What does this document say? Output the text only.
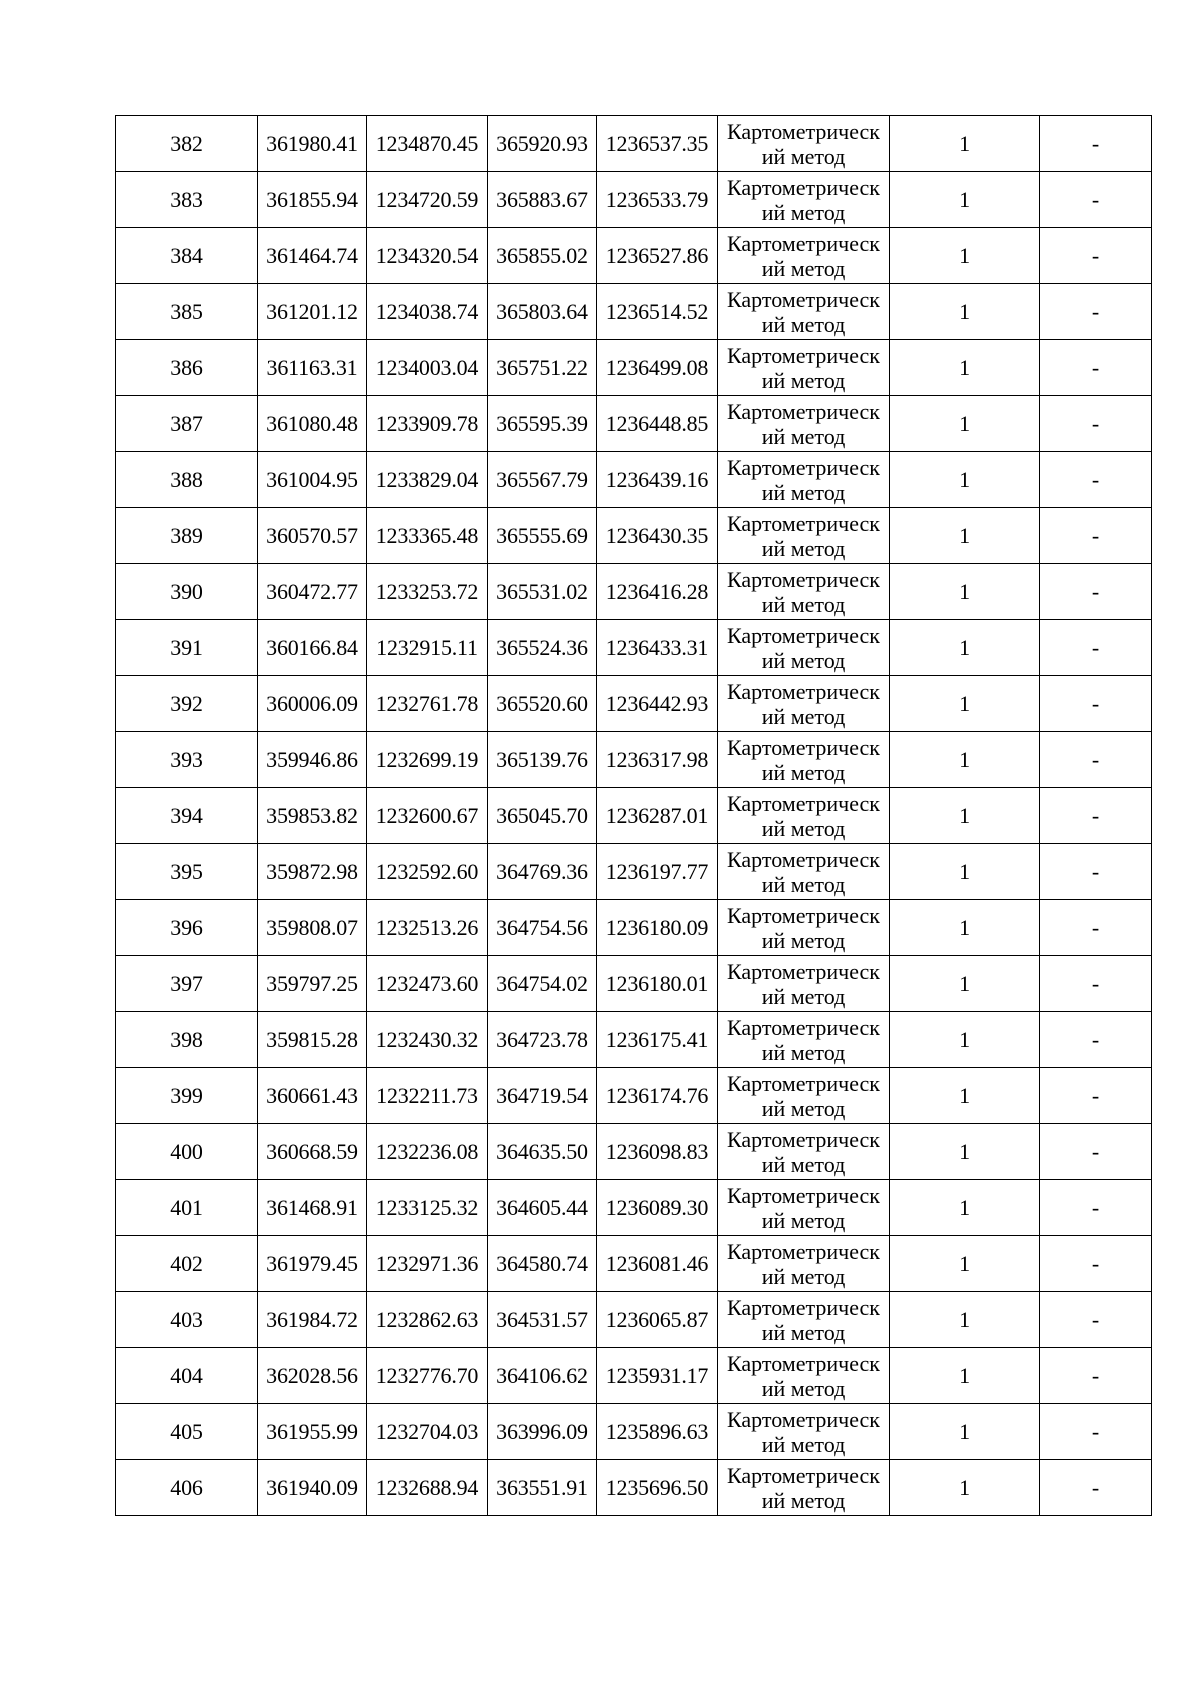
382	361980.41	1234870.45	365920.93	1236537.35	Картометрическ
ий метод	1	-
383	361855.94	1234720.59	365883.67	1236533.79	Картометрическ
ий метод	1	-
384	361464.74	1234320.54	365855.02	1236527.86	Картометрическ
ий метод	1	-
385	361201.12	1234038.74	365803.64	1236514.52	Картометрическ
ий метод	1	-
386	361163.31	1234003.04	365751.22	1236499.08	Картометрическ
ий метод	1	-
387	361080.48	1233909.78	365595.39	1236448.85	Картометрическ
ий метод	1	-
388	361004.95	1233829.04	365567.79	1236439.16	Картометрическ
ий метод	1	-
389	360570.57	1233365.48	365555.69	1236430.35	Картометрическ
ий метод	1	-
390	360472.77	1233253.72	365531.02	1236416.28	Картометрическ
ий метод	1	-
391	360166.84	1232915.11	365524.36	1236433.31	Картометрическ
ий метод	1	-
392	360006.09	1232761.78	365520.60	1236442.93	Картометрическ
ий метод	1	-
393	359946.86	1232699.19	365139.76	1236317.98	Картометрическ
ий метод	1	-
394	359853.82	1232600.67	365045.70	1236287.01	Картометрическ
ий метод	1	-
395	359872.98	1232592.60	364769.36	1236197.77	Картометрическ
ий метод	1	-
396	359808.07	1232513.26	364754.56	1236180.09	Картометрическ
ий метод	1	-
397	359797.25	1232473.60	364754.02	1236180.01	Картометрическ
ий метод	1	-
398	359815.28	1232430.32	364723.78	1236175.41	Картометрическ
ий метод	1	-
399	360661.43	1232211.73	364719.54	1236174.76	Картометрическ
ий метод	1	-
400	360668.59	1232236.08	364635.50	1236098.83	Картометрическ
ий метод	1	-
401	361468.91	1233125.32	364605.44	1236089.30	Картометрическ
ий метод	1	-
402	361979.45	1232971.36	364580.74	1236081.46	Картометрическ
ий метод	1	-
403	361984.72	1232862.63	364531.57	1236065.87	Картометрическ
ий метод	1	-
404	362028.56	1232776.70	364106.62	1235931.17	Картометрическ
ий метод	1	-
405	361955.99	1232704.03	363996.09	1235896.63	Картометрическ
ий метод	1	-
406	361940.09	1232688.94	363551.91	1235696.50	Картометрическ
ий метод	1	-
